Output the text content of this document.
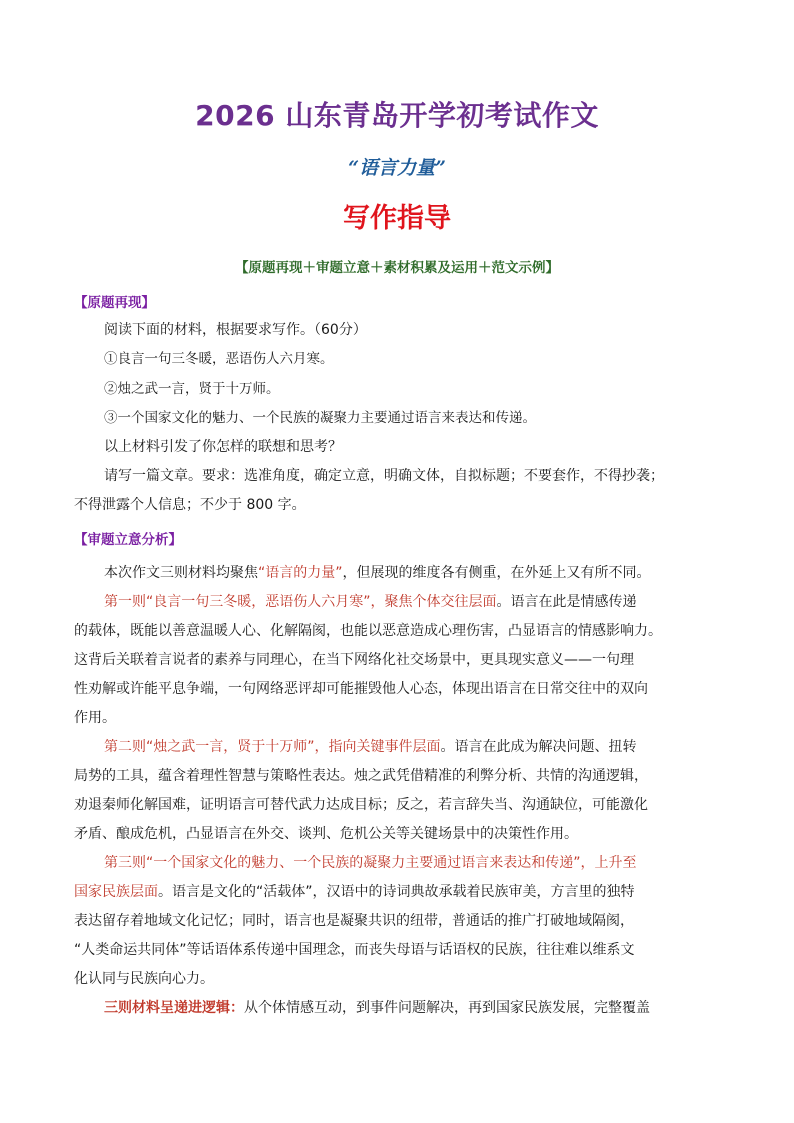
2026 山东青岛开学初考试作文
“语言力量”
写作指导
【原题再现＋审题立意＋素材积累及运用＋范文示例】
【原题再现】
阅读下面的材料，根据要求写作。（60分）
①良言一句三冬暖，恶语伤人六月寒。
②烛之武一言，贤于十万师。
③一个国家文化的魅力、一个民族的凝聚力主要通过语言来表达和传递。
以上材料引发了你怎样的联想和思考？
请写一篇文章。要求：选准角度，确定立意，明确文体，自拟标题；不要套作，不得抄袭；
不得泄露个人信息；不少于 800 字。
【审题立意分析】
本次作文三则材料均聚焦“语言的力量”，但展现的维度各有侧重，在外延上又有所不同。
第一则“良言一句三冬暖，恶语伤人六月寒”，聚焦个体交往层面。语言在此是情感传递
的载体，既能以善意温暖人心、化解隔阂，也能以恶意造成心理伤害，凸显语言的情感影响力。
这背后关联着言说者的素养与同理心，在当下网络化社交场景中，更具现实意义——一句理
性劝解或许能平息争端，一句网络恶评却可能摧毁他人心态，体现出语言在日常交往中的双向
作用。
第二则“烛之武一言，贤于十万师”，指向关键事件层面。语言在此成为解决问题、扭转
局势的工具，蕴含着理性智慧与策略性表达。烛之武凭借精准的利弊分析、共情的沟通逻辑，
劝退秦师化解国难，证明语言可替代武力达成目标；反之，若言辞失当、沟通缺位，可能激化
矛盾、酿成危机，凸显语言在外交、谈判、危机公关等关键场景中的决策性作用。
第三则“一个国家文化的魅力、一个民族的凝聚力主要通过语言来表达和传递”，上升至
国家民族层面。语言是文化的“活载体”，汉语中的诗词典故承载着民族审美，方言里的独特
表达留存着地域文化记忆；同时，语言也是凝聚共识的纽带，普通话的推广打破地域隔阂，
“人类命运共同体”等话语体系传递中国理念，而丧失母语与话语权的民族，往往难以维系文
化认同与民族向心力。
三则材料呈递进逻辑：从个体情感互动，到事件问题解决，再到国家民族发展，完整覆盖
